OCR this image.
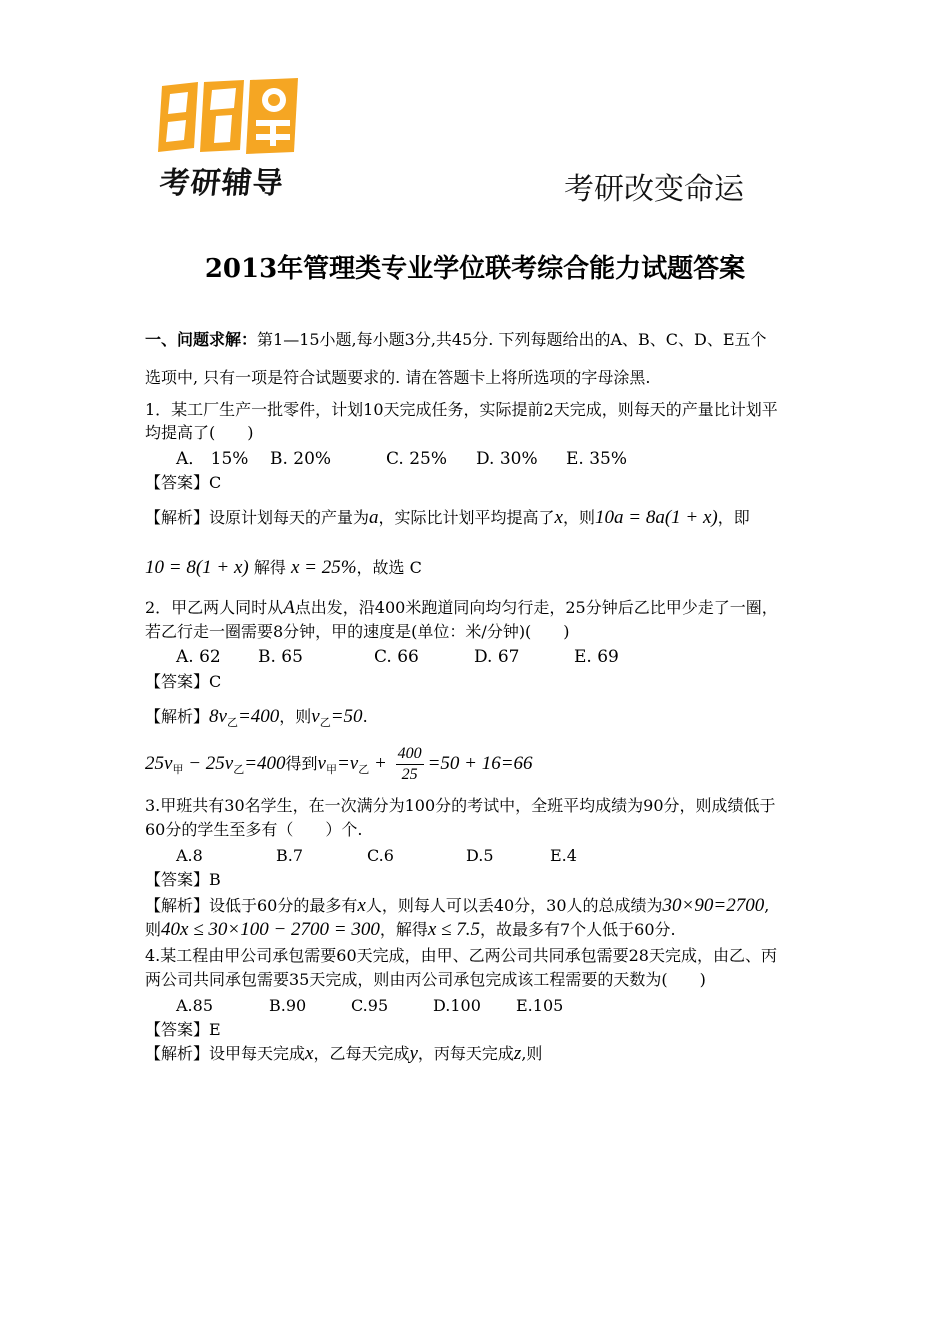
考研辅导	考研改变命运
2013年管理类专业学位联考综合能力试题答案
一、问题求解：第1—15小题,每小题3分,共45分. 下列每题给出的A、B、C、D、E五个
选项中, 只有一项是符合试题要求的. 请在答题卡上将所选项的字母涂黑.
1．某工厂生产一批零件，计划10天完成任务，实际提前2天完成，则每天的产量比计划平
均提高了(　　)
A． 15% B. 20%	C. 25% D. 30% E. 35%
【答案】C
【解析】设原计划每天的产量为a，实际比计划平均提高了x，则10a = 8a(1 + x)，即
10 = 8(1 + x) 解得 x = 25%，故选 C
2．甲乙两人同时从A点出发，沿400米跑道同向均匀行走，25分钟后乙比甲少走了一圈，
若乙行走一圈需要8分钟，甲的速度是(单位：米/分钟)(　　)
A. 62 B. 65	C. 66	D. 67	E. 69
【答案】C
【解析】$8v_乙=400$，则$v_乙=50$.
$25v_甲 - 25v_乙=400$得到$v_甲=v_乙 + \frac{400}{25} =50 + 16=66$
3.甲班共有30名学生，在一次满分为100分的考试中，全班平均成绩为90分，则成绩低于
60分的学生至多有（　　）个.
A.8	B.7	C.6	D.5	E.4
【答案】B
【解析】设低于60分的最多有x人，则每人可以丢40分，30人的总成绩为30×90=2700,
则40x ≤ 30×100 − 2700 = 300，解得x ≤ 7.5，故最多有7个人低于60分.
4.某工程由甲公司承包需要60天完成，由甲、乙两公司共同承包需要28天完成，由乙、丙
两公司共同承包需要35天完成，则由丙公司承包完成该工程需要的天数为(　　)
A.85	B.90	C.95	D.100 E.105
【答案】E
【解析】设甲每天完成x，乙每天完成y，丙每天完成z,则
